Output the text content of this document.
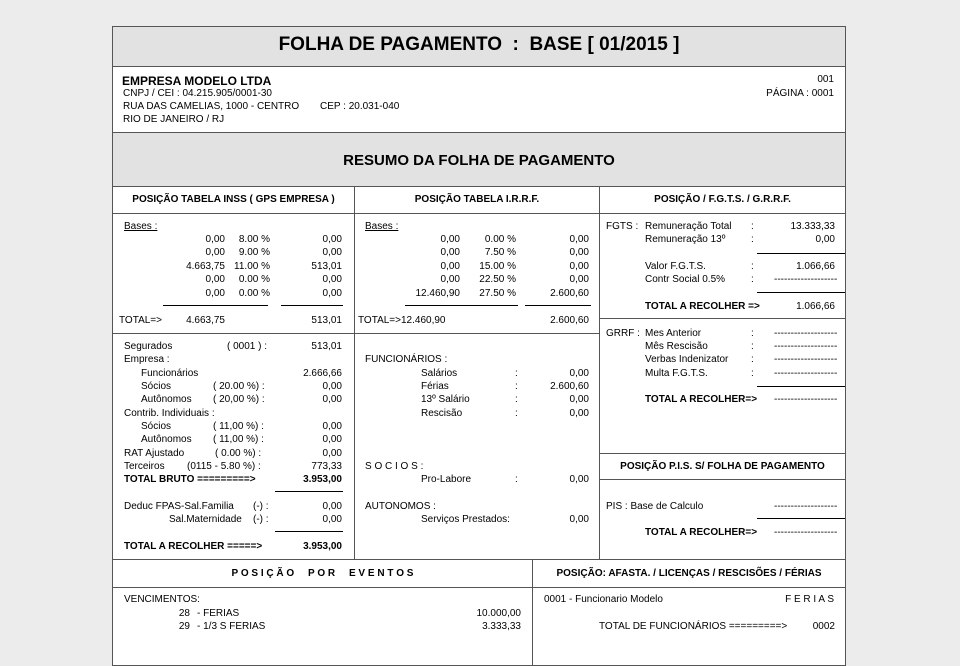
FOLHA DE PAGAMENTO  :  BASE [ 01/2015 ]
EMPRESA MODELO LTDA
CNPJ / CEI : 04.215.905/0001-30
RUA DAS CAMELIAS, 1000 - CENTRO CEP : 20.031-040
RIO DE JANEIRO / RJ
001
PÁGINA : 0001
RESUMO DA FOLHA DE PAGAMENTO
POSIÇÃO TABELA INSS ( GPS EMPRESA )	POSIÇÃO TABELA I.R.R.F.	POSIÇÃO / F.G.T.S. / G.R.R.F.
Bases :
0,00	8.00 %	0,00
0,00	9.00 %	0,00
4.663,75 11.00 %	513,01
0,00	0.00 %	0,00
0,00	0.00 %	0,00
TOTAL=>	4.663,75	513,01
Segurados	( 0001 ) :	513,01
Empresa :
Funcionários	2.666,66
Sócios	( 20.00 %) :	0,00
Autônomos ( 20,00 %) :	0,00
Contrib. Individuais :
Sócios	( 11,00 %) :	0,00
Autônomos ( 11,00 %) :	0,00
RAT Ajustado	( 0.00 %) :	0,00
Terceiros (0115 - 5.80 %) :	773,33
TOTAL BRUTO =========>	3.953,00
Deduc FPAS-Sal.Familia (-) :	0,00
Sal.Maternidade (-) :	0,00
TOTAL A RECOLHER =====>	3.953,00
Bases :
0,00	0.00 %	0,00
0,00	7.50 %	0,00
0,00	15.00 %	0,00
0,00	22.50 %	0,00
12.460,90	27.50 %	2.600,60
TOTAL=> 12.460,90	2.600,60
FUNCIONÁRIOS :
Salários	:	0,00
Férias	:	2.600,60
13º Salário	:	0,00
Rescisão	:	0,00
S O C I O S :
Pro-Labore	:	0,00
AUTONOMOS :
Serviços Prestados:	0,00
FGTS : Remuneração Total :	13.333,33
Remuneração 13º	:	0,00
Valor F.G.T.S.	:	1.066,66
Contr Social 0.5%	: -------------------
TOTAL A RECOLHER =>	1.066,66
GRRF : Mes Anterior	: -------------------
Mês Rescisão	: -------------------
Verbas Indenizator : -------------------
Multa F.G.T.S.	: -------------------
TOTAL A RECOLHER=> -------------------
POSIÇÃO P.I.S. S/ FOLHA DE PAGAMENTO
PIS : Base de Calculo	-------------------
TOTAL A RECOLHER=> -------------------
P O S I Ç Ã O     P O R     E V E N T O S	POSIÇÃO: AFASTA. / LICENÇAS / RESCISÕES / FÉRIAS
VENCIMENTOS:
28 - FERIAS	10.000,00
29 - 1/3 S FERIAS	3.333,33
0001 - Funcionario Modelo	F E R I A S
TOTAL DE FUNCIONÁRIOS =========>	0002
